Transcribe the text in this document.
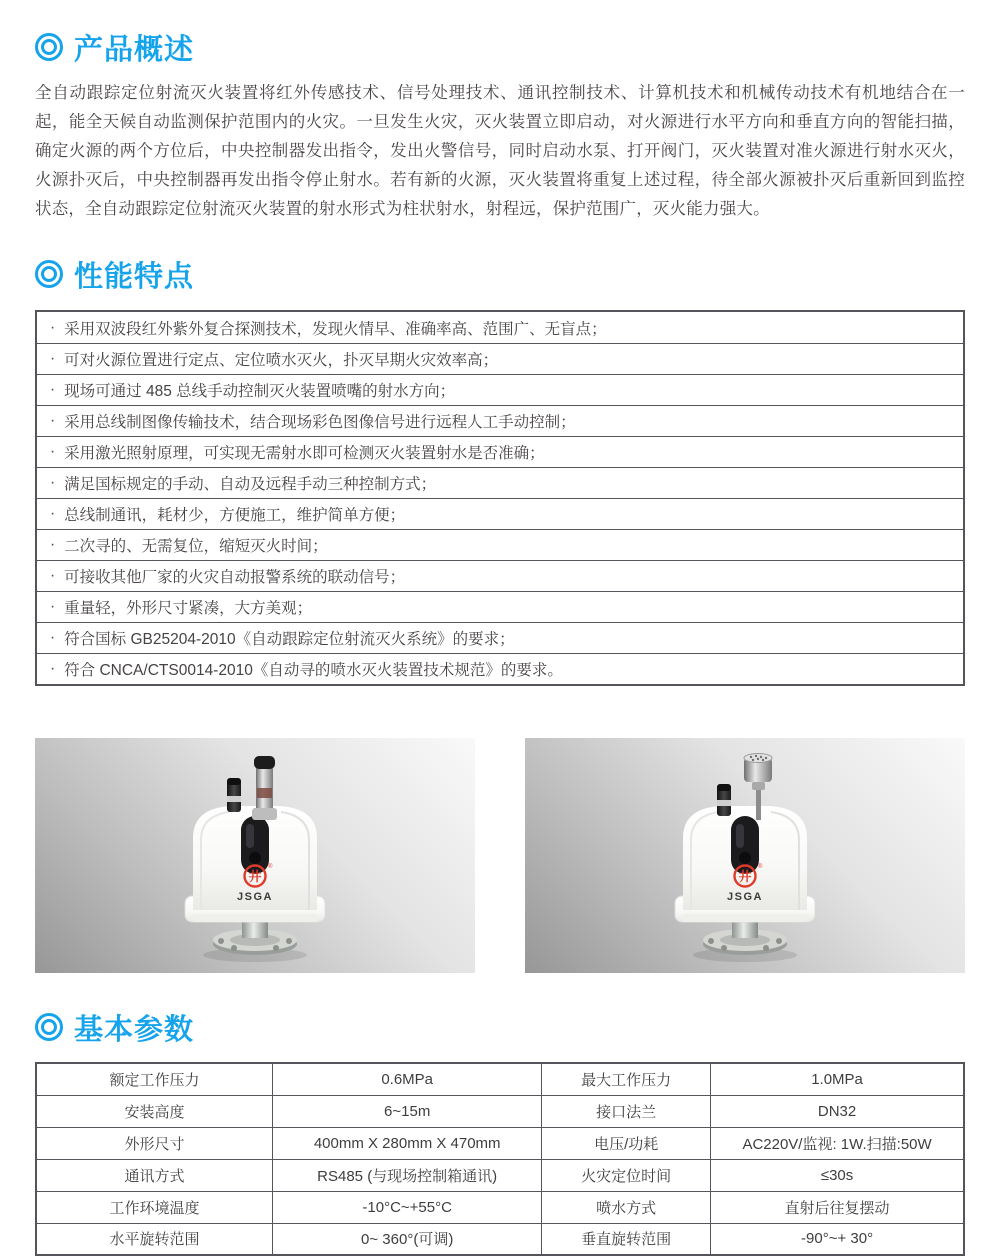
产品概述
全自动跟踪定位射流灭火装置将红外传感技术、信号处理技术、通讯控制技术、计算机技术和机械传动技术有机地结合在一起，能全天候自动监测保护范围内的火灾。一旦发生火灾，灭火装置立即启动，对火源进行水平方向和垂直方向的智能扫描，确定火源的两个方位后，中央控制器发出指令，发出火警信号，同时启动水泵、打开阀门，灭火装置对准火源进行射水灭火，火源扑灭后，中央控制器再发出指令停止射水。若有新的火源，灭火装置将重复上述过程，待全部火源被扑灭后重新回到监控状态，全自动跟踪定位射流灭火装置的射水形式为柱状射水，射程远，保护范围广，灭火能力强大。
性能特点
· 采用双波段红外紫外复合探测技术，发现火情早、准确率高、范围广、无盲点；
· 可对火源位置进行定点、定位喷水灭火，扑灭早期火灾效率高；
· 现场可通过 485 总线手动控制灭火装置喷嘴的射水方向；
· 采用总线制图像传输技术，结合现场彩色图像信号进行远程人工手动控制；
· 采用激光照射原理，可实现无需射水即可检测灭火装置射水是否准确；
· 满足国标规定的手动、自动及远程手动三种控制方式；
· 总线制通讯，耗材少，方便施工，维护简单方便；
· 二次寻的、无需复位，缩短灭火时间；
· 可接收其他厂家的火灾自动报警系统的联动信号；
· 重量轻，外形尺寸紧凑，大方美观；
· 符合国标 GB25204-2010《自动跟踪定位射流灭火系统》的要求；
· 符合 CNCA/CTS0014-2010《自动寻的喷水灭火装置技术规范》的要求。
井
®
JSGA
井
®
JSGA
基本参数
额定工作压力	0.6MPa	最大工作压力	1.0MPa
安装高度	6~15m	接口法兰	DN32
外形尺寸	400mm X 280mm X 470mm	电压/功耗	AC220V/监视: 1W.扫描:50W
通讯方式	RS485 (与现场控制箱通讯)	火灾定位时间	≤30s
工作环境温度	-10°C~+55°C	喷水方式	直射后往复摆动
水平旋转范围	0~ 360°(可调)	垂直旋转范围	-90°~+ 30°
